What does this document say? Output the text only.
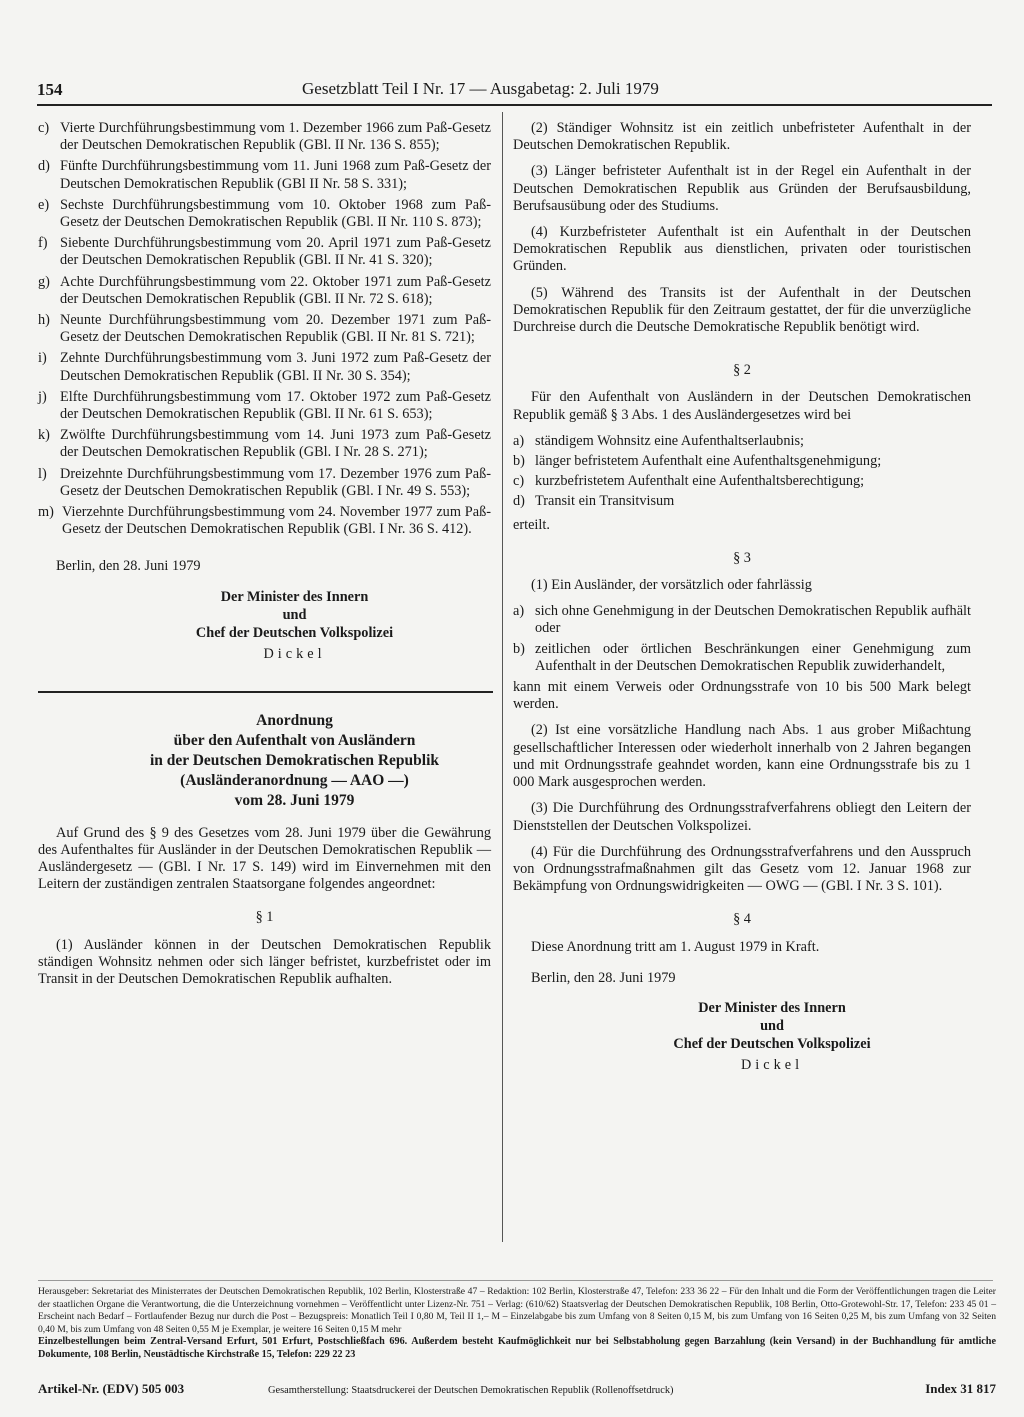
154	Gesetzblatt Teil I Nr. 17 — Ausgabetag: 2. Juli 1979
c) Vierte Durchführungsbestimmung vom 1. Dezember 1966 zum Paß-Gesetz der Deutschen Demokratischen Republik (GBl. II Nr. 136 S. 855);
d) Fünfte Durchführungsbestimmung vom 11. Juni 1968 zum Paß-Gesetz der Deutschen Demokratischen Republik (GBl II Nr. 58 S. 331);
e) Sechste Durchführungsbestimmung vom 10. Oktober 1968 zum Paß-Gesetz der Deutschen Demokratischen Republik (GBl. II Nr. 110 S. 873);
f) Siebente Durchführungsbestimmung vom 20. April 1971 zum Paß-Gesetz der Deutschen Demokratischen Republik (GBl. II Nr. 41 S. 320);
g) Achte Durchführungsbestimmung vom 22. Oktober 1971 zum Paß-Gesetz der Deutschen Demokratischen Republik (GBl. II Nr. 72 S. 618);
h) Neunte Durchführungsbestimmung vom 20. Dezember 1971 zum Paß-Gesetz der Deutschen Demokratischen Republik (GBl. II Nr. 81 S. 721);
i) Zehnte Durchführungsbestimmung vom 3. Juni 1972 zum Paß-Gesetz der Deutschen Demokratischen Republik (GBl. II Nr. 30 S. 354);
j) Elfte Durchführungsbestimmung vom 17. Oktober 1972 zum Paß-Gesetz der Deutschen Demokratischen Republik (GBl. II Nr. 61 S. 653);
k) Zwölfte Durchführungsbestimmung vom 14. Juni 1973 zum Paß-Gesetz der Deutschen Demokratischen Republik (GBl. I Nr. 28 S. 271);
l) Dreizehnte Durchführungsbestimmung vom 17. Dezember 1976 zum Paß-Gesetz der Deutschen Demokratischen Republik (GBl. I Nr. 49 S. 553);
m) Vierzehnte Durchführungsbestimmung vom 24. November 1977 zum Paß-Gesetz der Deutschen Demokratischen Republik (GBl. I Nr. 36 S. 412).
Berlin, den 28. Juni 1979
Der Minister des Innern
und
Chef der Deutschen Volkspolizei
Dickel
Anordnung
über den Aufenthalt von Ausländern
in der Deutschen Demokratischen Republik
(Ausländeranordnung — AAO —)
vom 28. Juni 1979

Auf Grund des § 9 des Gesetzes vom 28. Juni 1979 über die Gewährung des Aufenthaltes für Ausländer in der Deutschen Demokratischen Republik — Ausländergesetz — (GBl. I Nr. 17 S. 149) wird im Einvernehmen mit den Leitern der zuständigen zentralen Staatsorgane folgendes angeordnet:

§ 1

(1) Ausländer können in der Deutschen Demokratischen Republik ständigen Wohnsitz nehmen oder sich länger befristet, kurzbefristet oder im Transit in der Deutschen Demokratischen Republik aufhalten.

(2) Ständiger Wohnsitz ist ein zeitlich unbefristeter Aufenthalt in der Deutschen Demokratischen Republik.

(3) Länger befristeter Aufenthalt ist in der Regel ein Aufenthalt in der Deutschen Demokratischen Republik aus Gründen der Berufsausbildung, Berufsausübung oder des Studiums.

(4) Kurzbefristeter Aufenthalt ist ein Aufenthalt in der Deutschen Demokratischen Republik aus dienstlichen, privaten oder touristischen Gründen.

(5) Während des Transits ist der Aufenthalt in der Deutschen Demokratischen Republik für den Zeitraum gestattet, der für die unverzügliche Durchreise durch die Deutsche Demokratische Republik benötigt wird.

§ 2

Für den Aufenthalt von Ausländern in der Deutschen Demokratischen Republik gemäß § 3 Abs. 1 des Ausländergesetzes wird bei

a) ständigem Wohnsitz eine Aufenthaltserlaubnis;
b) länger befristetem Aufenthalt eine Aufenthaltsgenehmigung;
c) kurzbefristetem Aufenthalt eine Aufenthaltsberechtigung;
d) Transit ein Transitvisum

erteilt.

§ 3

(1) Ein Ausländer, der vorsätzlich oder fahrlässig

a) sich ohne Genehmigung in der Deutschen Demokratischen Republik aufhält oder
b) zeitlichen oder örtlichen Beschränkungen einer Genehmigung zum Aufenthalt in der Deutschen Demokratischen Republik zuwiderhandelt,

kann mit einem Verweis oder Ordnungsstrafe von 10 bis 500 Mark belegt werden.

(2) Ist eine vorsätzliche Handlung nach Abs. 1 aus grober Mißachtung gesellschaftlicher Interessen oder wiederholt innerhalb von 2 Jahren begangen und mit Ordnungsstrafe geahndet worden, kann eine Ordnungsstrafe bis zu 1 000 Mark ausgesprochen werden.

(3) Die Durchführung des Ordnungsstrafverfahrens obliegt den Leitern der Dienststellen der Deutschen Volkspolizei.

(4) Für die Durchführung des Ordnungsstrafverfahrens und den Ausspruch von Ordnungsstrafmaßnahmen gilt das Gesetz vom 12. Januar 1968 zur Bekämpfung von Ordnungswidrigkeiten — OWG — (GBl. I Nr. 3 S. 101).

§ 4

Diese Anordnung tritt am 1. August 1979 in Kraft.

Berlin, den 28. Juni 1979
Der Minister des Innern
und
Chef der Deutschen Volkspolizei
Dickel
Herausgeber: Sekretariat des Ministerrates der Deutschen Demokratischen Republik, 102 Berlin, Klosterstraße 47 – Redaktion: 102 Berlin, Klosterstraße 47, Telefon: 233 36 22 – Für den Inhalt und die Form der Veröffentlichungen tragen die Leiter der staatlichen Organe die Verantwortung, die die Unterzeichnung vornehmen – Veröffentlicht unter Lizenz-Nr. 751 – Verlag: (610/62) Staatsverlag der Deutschen Demokratischen Republik, 108 Berlin, Otto-Grotewohl-Str. 17, Telefon: 233 45 01 – Erscheint nach Bedarf – Fortlaufender Bezug nur durch die Post – Bezugspreis: Monatlich Teil I 0,80 M, Teil II 1,– M – Einzelabgabe bis zum Umfang von 8 Seiten 0,15 M, bis zum Umfang von 16 Seiten 0,25 M, bis zum Umfang von 32 Seiten 0,40 M, bis zum Umfang von 48 Seiten 0,55 M je Exemplar, je weitere 16 Seiten 0,15 M mehr
Einzelbestellungen beim Zentral-Versand Erfurt, 501 Erfurt, Postschließfach 696. Außerdem besteht Kaufmöglichkeit nur bei Selbstabholung gegen Barzahlung (kein Versand) in der Buchhandlung für amtliche Dokumente, 108 Berlin, Neustädtische Kirchstraße 15, Telefon: 229 22 23
Artikel-Nr. (EDV) 505 003	Gesamtherstellung: Staatsdruckerei der Deutschen Demokratischen Republik (Rollenoffsetdruck)	Index 31 817
